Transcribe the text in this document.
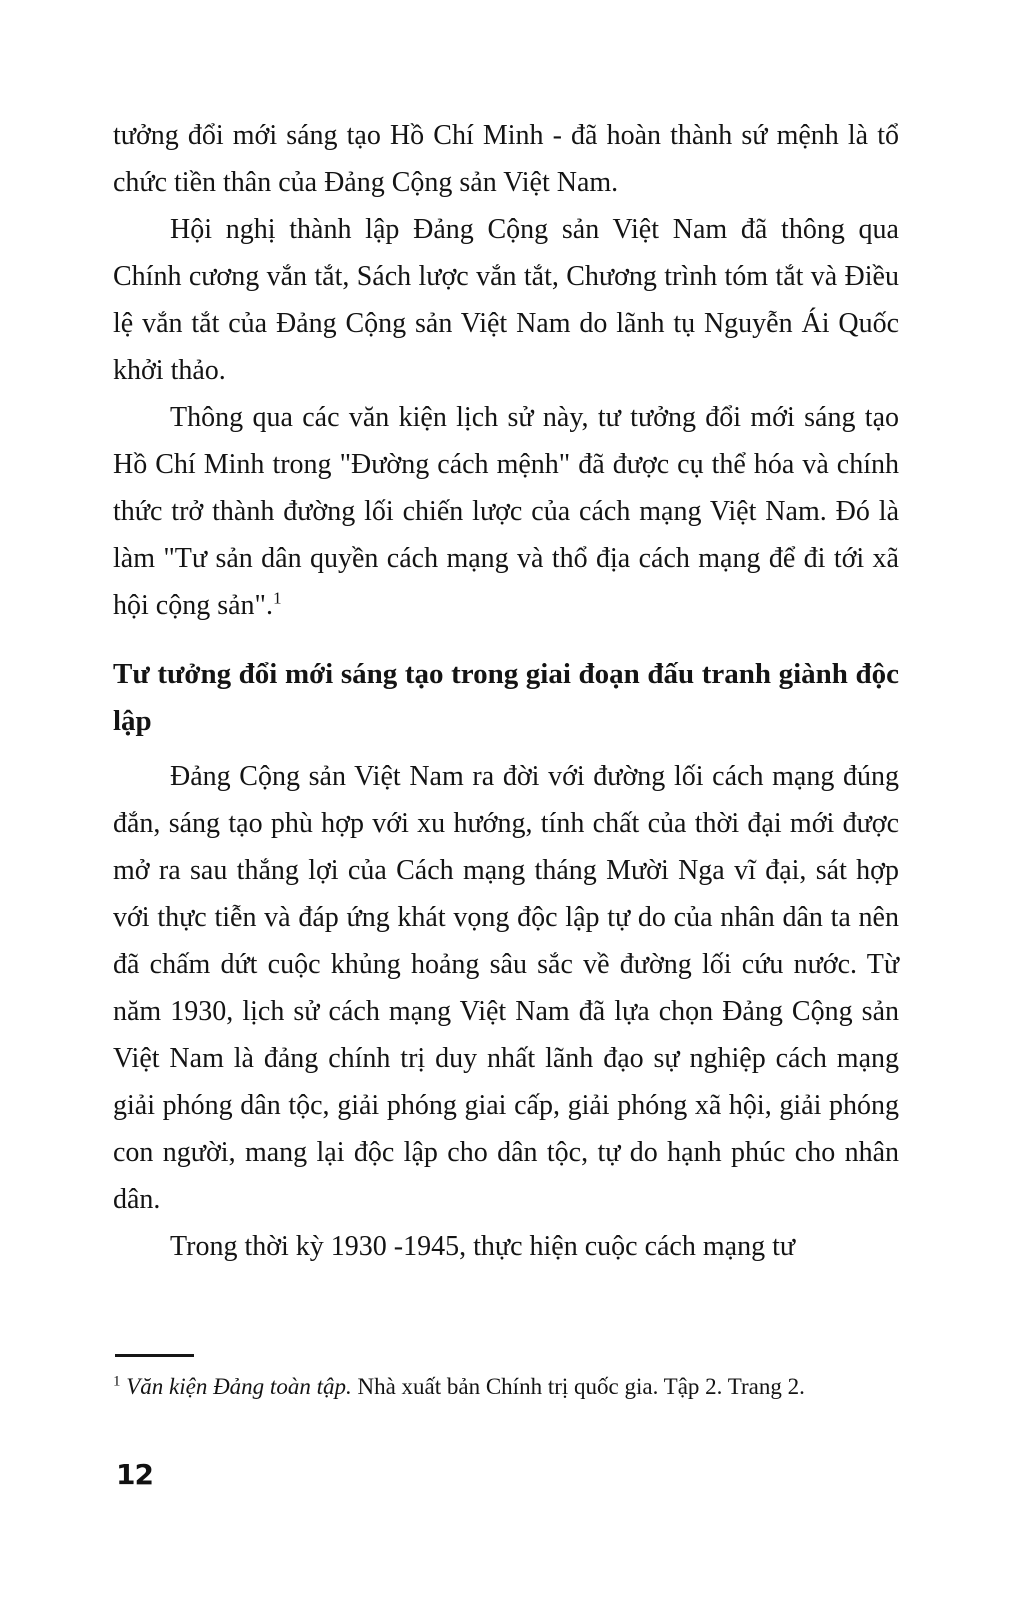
tưởng đổi mới sáng tạo Hồ Chí Minh - đã hoàn thành sứ mệnh là tổ chức tiền thân của Đảng Cộng sản Việt Nam.

Hội nghị thành lập Đảng Cộng sản Việt Nam đã thông qua Chính cương vắn tắt, Sách lược vắn tắt, Chương trình tóm tắt và Điều lệ vắn tắt của Đảng Cộng sản Việt Nam do lãnh tụ Nguyễn Ái Quốc khởi thảo.

Thông qua các văn kiện lịch sử này, tư tưởng đổi mới sáng tạo Hồ Chí Minh trong "Đường cách mệnh" đã được cụ thể hóa và chính thức trở thành đường lối chiến lược của cách mạng Việt Nam. Đó là làm "Tư sản dân quyền cách mạng và thổ địa cách mạng để đi tới xã hội cộng sản".$^1$

Tư tưởng đổi mới sáng tạo trong giai đoạn đấu tranh giành độc lập

Đảng Cộng sản Việt Nam ra đời với đường lối cách mạng đúng đắn, sáng tạo phù hợp với xu hướng, tính chất của thời đại mới được mở ra sau thắng lợi của Cách mạng tháng Mười Nga vĩ đại, sát hợp với thực tiễn và đáp ứng khát vọng độc lập tự do của nhân dân ta nên đã chấm dứt cuộc khủng hoảng sâu sắc về đường lối cứu nước. Từ năm 1930, lịch sử cách mạng Việt Nam đã lựa chọn Đảng Cộng sản Việt Nam là đảng chính trị duy nhất lãnh đạo sự nghiệp cách mạng giải phóng dân tộc, giải phóng giai cấp, giải phóng xã hội, giải phóng con người, mang lại độc lập cho dân tộc, tự do hạnh phúc cho nhân dân.

Trong thời kỳ 1930 -1945, thực hiện cuộc cách mạng tư

$^1$ Văn kiện Đảng toàn tập. Nhà xuất bản Chính trị quốc gia. Tập 2. Trang 2.

12
